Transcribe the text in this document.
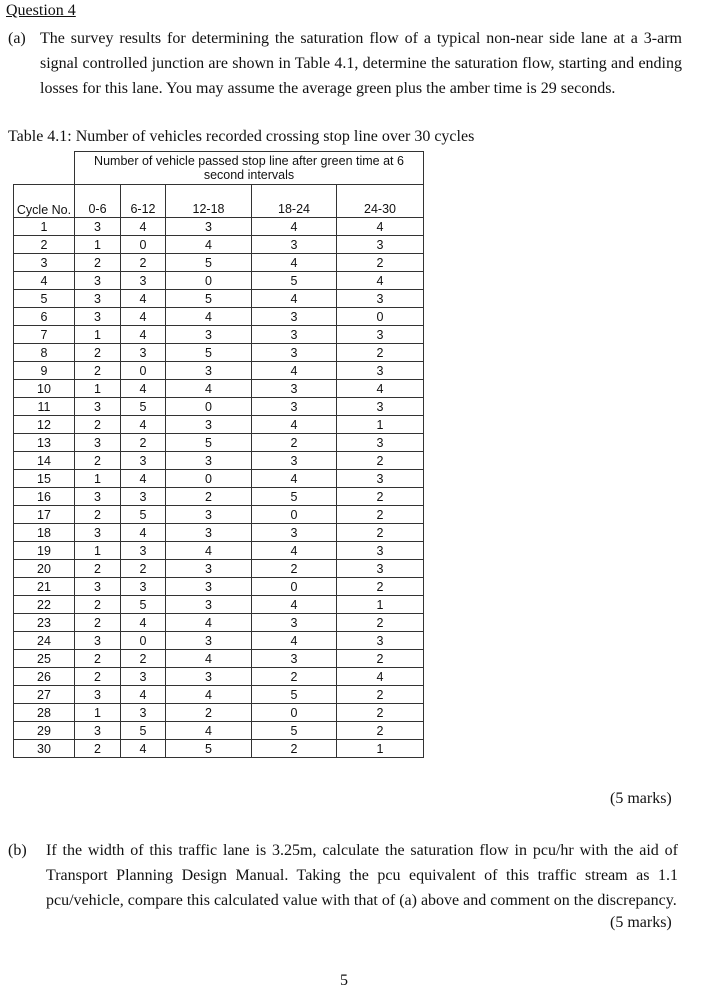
Question 4
(a) The survey results for determining the saturation flow of a typical non-near side lane at a 3-arm signal controlled junction are shown in Table 4.1, determine the saturation flow, starting and ending losses for this lane. You may assume the average green plus the amber time is 29 seconds.
Table 4.1: Number of vehicles recorded crossing stop line over 30 cycles
	Number of vehicle passed stop line after green time at 6 second intervals				
Cycle No.	0-6	6-12	12-18	18-24	24-30
1	3	4	3	4	4
2	1	0	4	3	3
3	2	2	5	4	2
4	3	3	0	5	4
5	3	4	5	4	3
6	3	4	4	3	0
7	1	4	3	3	3
8	2	3	5	3	2
9	2	0	3	4	3
10	1	4	4	3	4
11	3	5	0	3	3
12	2	4	3	4	1
13	3	2	5	2	3
14	2	3	3	3	2
15	1	4	0	4	3
16	3	3	2	5	2
17	2	5	3	0	2
18	3	4	3	3	2
19	1	3	4	4	3
20	2	2	3	2	3
21	3	3	3	0	2
22	2	5	3	4	1
23	2	4	4	3	2
24	3	0	3	4	3
25	2	2	4	3	2
26	2	3	3	2	4
27	3	4	4	5	2
28	1	3	2	0	2
29	3	5	4	5	2
30	2	4	5	2	1
(5 marks)
(b) If the width of this traffic lane is 3.25m, calculate the saturation flow in pcu/hr with the aid of Transport Planning Design Manual. Taking the pcu equivalent of this traffic stream as 1.1 pcu/vehicle, compare this calculated value with that of (a) above and comment on the discrepancy.
(5 marks)
5
